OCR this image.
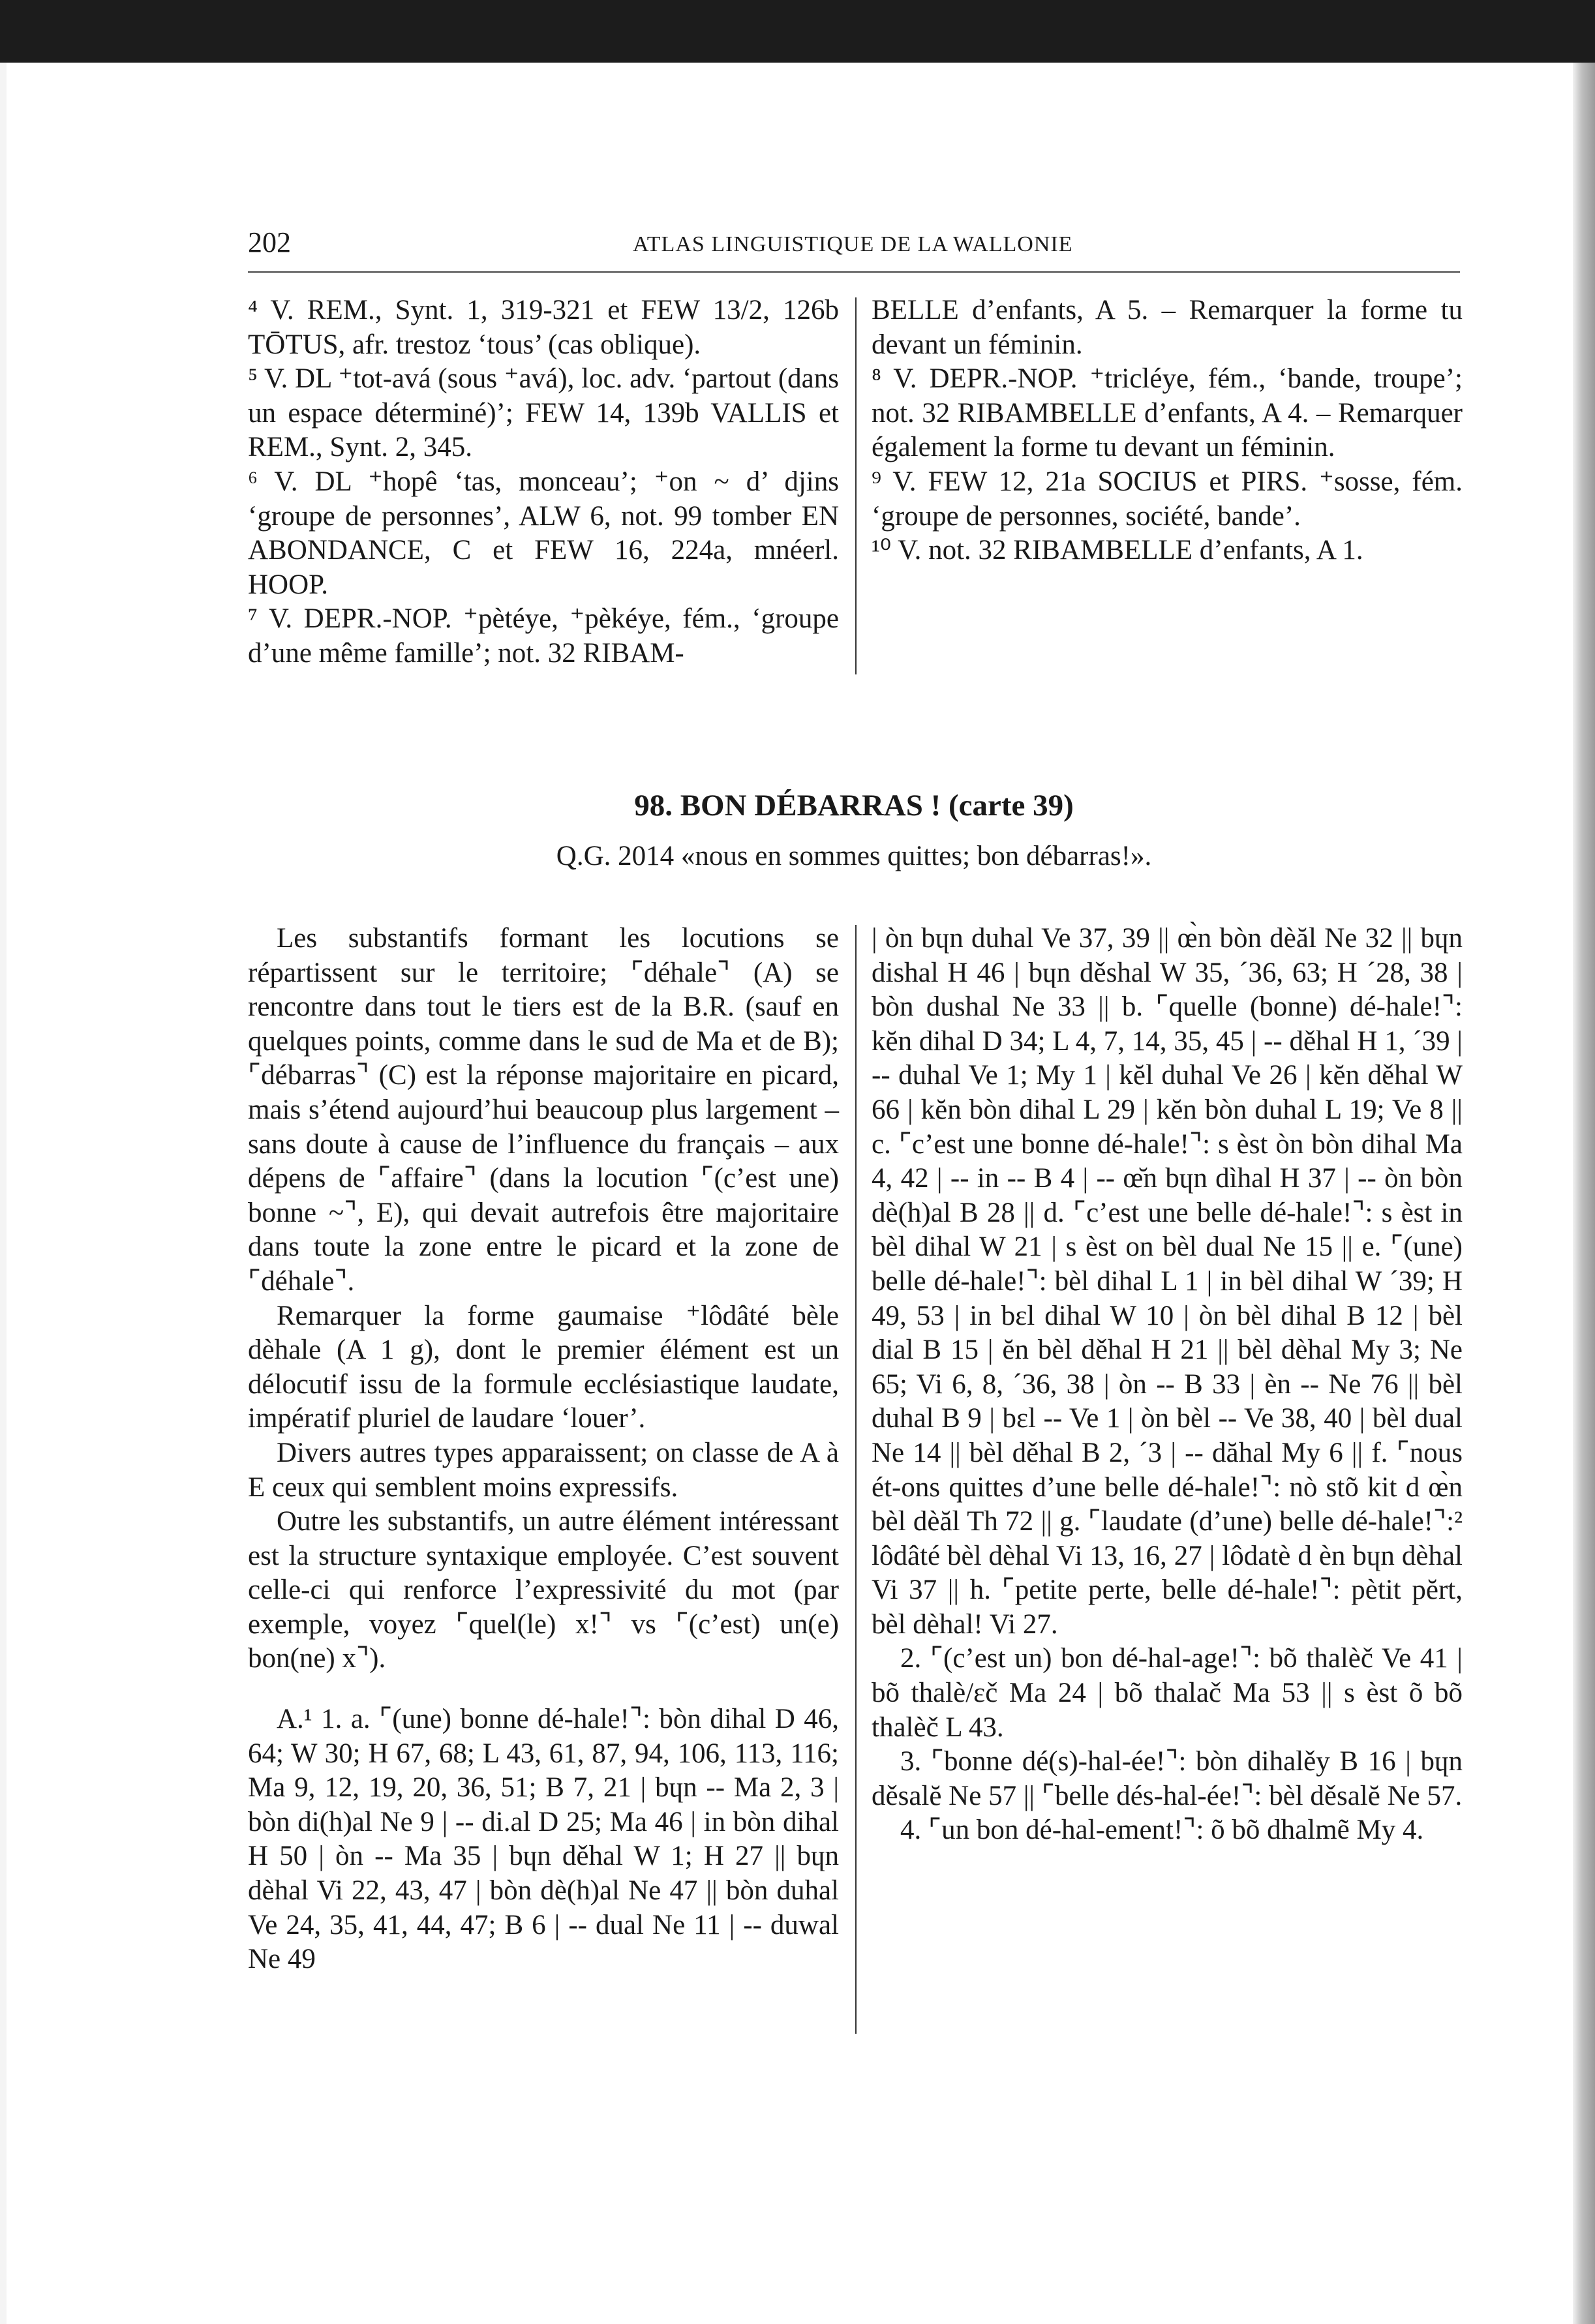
202	ATLAS LINGUISTIQUE DE LA WALLONIE

⁴ V. REM., Synt. 1, 319-321 et FEW 13/2, 126b TŌTUS, afr. trestoz ‘tous’ (cas oblique).

⁵ V. DL ⁺tot-avá (sous ⁺avá), loc. adv. ‘partout (dans un espace déterminé)’; FEW 14, 139b VALLIS et REM., Synt. 2, 345.

⁶ V. DL ⁺hopê ‘tas, monceau’; ⁺on ~ d’ djins ‘groupe de personnes’, ALW 6, not. 99 tomber EN ABONDANCE, C et FEW 16, 224a, mnéerl. HOOP.

⁷ V. DEPR.-NOP. ⁺pètéye, ⁺pèkéye, fém., ‘groupe d’une même famille’; not. 32 RIBAM-

BELLE d’enfants, A 5. – Remarquer la forme tu devant un féminin.

⁸ V. DEPR.-NOP. ⁺tricléye, fém., ‘bande, troupe’; not. 32 RIBAMBELLE d’enfants, A 4. – Remarquer également la forme tu devant un féminin.

⁹ V. FEW 12, 21a SOCIUS et PIRS. ⁺sosse, fém. ‘groupe de personnes, société, bande’.

¹⁰ V. not. 32 RIBAMBELLE d’enfants, A 1.

98. BON DÉBARRAS ! (carte 39)
Q.G. 2014 «nous en sommes quittes; bon débarras!».

Les substantifs formant les locutions se répartissent sur le territoire; ⌜déhale⌝ (A) se rencontre dans tout le tiers est de la B.R. (sauf en quelques points, comme dans le sud de Ma et de B); ⌜débarras⌝ (C) est la réponse majoritaire en picard, mais s’étend aujourd’hui beaucoup plus largement – sans doute à cause de l’influence du français – aux dépens de ⌜affaire⌝ (dans la locution ⌜(c’est une) bonne ~⌝, E), qui devait autrefois être majoritaire dans toute la zone entre le picard et la zone de ⌜déhale⌝.

Remarquer la forme gaumaise ⁺lôdâté bèle dèhale (A 1 g), dont le premier élément est un délocutif issu de la formule ecclésiastique laudate, impératif pluriel de laudare ‘louer’.

Divers autres types apparaissent; on classe de A à E ceux qui semblent moins expressifs.

Outre les substantifs, un autre élément intéressant est la structure syntaxique employée. C’est souvent celle-ci qui renforce l’expressivité du mot (par exemple, voyez ⌜quel(le) x!⌝ vs ⌜(c’est) un(e) bon(ne) x⌝).

A.¹ 1. a. ⌜(une) bonne dé-hale!⌝: bòn dihal D 46, 64; W 30; H 67, 68; L 43, 61, 87, 94, 106, 113, 116; Ma 9, 12, 19, 20, 36, 51; B 7, 21 | bɥn -- Ma 2, 3 | bòn di(h)al Ne 9 | -- di.al D 25; Ma 46 | in bòn dihal H 50 | òn -- Ma 35 | bɥn děhal W 1; H 27 || bɥn dèhal Vi 22, 43, 47 | bòn dè(h)al Ne 47 || bòn duhal Ve 24, 35, 41, 44, 47; B 6 | -- dual Ne 11 | -- duwal Ne 49

| òn bɥn duhal Ve 37, 39 || œ̀n bòn dèăl Ne 32 || bɥn dishal H 46 | bɥn děshal W 35, ´36, 63; H ´28, 38 | bòn dushal Ne 33 || b. ⌜quelle (bonne) dé-hale!⌝: kĕn dihal D 34; L 4, 7, 14, 35, 45 | -- děhal H 1, ´39 | -- duhal Ve 1; My 1 | kĕl duhal Ve 26 | kĕn děhal W 66 | kĕn bòn dihal L 29 | kĕn bòn duhal L 19; Ve 8 || c. ⌜c’est une bonne dé-hale!⌝: s èst òn bòn dihal Ma 4, 42 | -- in -- B 4 | -- œ̆n bɥn dìhal H 37 | -- òn bòn dè(h)al B 28 || d. ⌜c’est une belle dé-hale!⌝: s èst in bèl dihal W 21 | s èst on bèl dual Ne 15 || e. ⌜(une) belle dé-hale!⌝: bèl dihal L 1 | in bèl dihal W ´39; H 49, 53 | in bɛl dihal W 10 | òn bèl dihal B 12 | bèl dial B 15 | ĕn bèl děhal H 21 || bèl dèhal My 3; Ne 65; Vi 6, 8, ´36, 38 | òn -- B 33 | èn -- Ne 76 || bèl duhal B 9 | bɛl -- Ve 1 | òn bèl -- Ve 38, 40 | bèl dual Ne 14 || bèl děhal B 2, ´3 | -- dăhal My 6 || f. ⌜nous ét-ons quittes d’une belle dé-hale!⌝: nò stõ kit d œ̀n bèl dèăl Th 72 || g. ⌜laudate (d’une) belle dé-hale!⌝:² lôdâté bèl dèhal Vi 13, 16, 27 | lôdatè d èn bɥn dèhal Vi 37 || h. ⌜petite perte, belle dé-hale!⌝: pètit pĕrt, bèl dèhal! Vi 27.

2. ⌜(c’est un) bon dé-hal-age!⌝: bõ thalèč Ve 41 | bõ thalè/ɛč Ma 24 | bõ thalač Ma 53 || s èst õ bõ thalèč L 43.

3. ⌜bonne dé(s)-hal-ée!⌝: bòn dihalěy B 16 | bɥn děsalĕ Ne 57 || ⌜belle dés-hal-ée!⌝: bèl děsalĕ Ne 57.

4. ⌜un bon dé-hal-ement!⌝: õ bõ dhalmẽ My 4.
